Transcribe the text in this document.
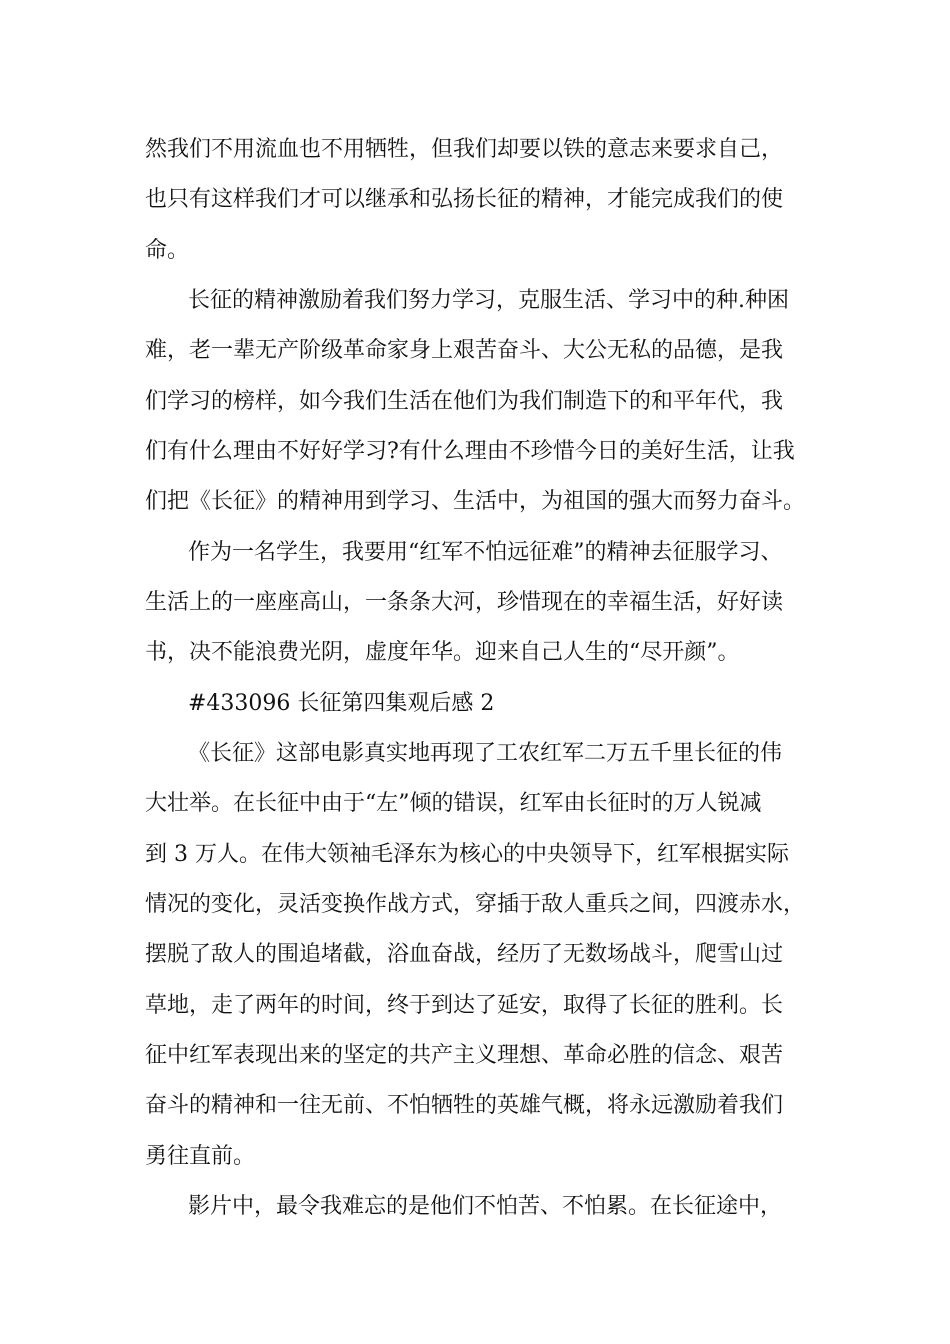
然我们不用流血也不用牺牲，但我们却要以铁的意志来要求自己，
也只有这样我们才可以继承和弘扬长征的精神，才能完成我们的使
命。
长征的精神激励着我们努力学习，克服生活、学习中的种.种困
难，老一辈无产阶级革命家身上艰苦奋斗、大公无私的品德，是我
们学习的榜样，如今我们生活在他们为我们制造下的和平年代，我
们有什么理由不好好学习?有什么理由不珍惜今日的美好生活，让我
们把《长征》的精神用到学习、生活中，为祖国的强大而努力奋斗。
作为一名学生，我要用“红军不怕远征难”的精神去征服学习、
生活上的一座座高山，一条条大河，珍惜现在的幸福生活，好好读
书，决不能浪费光阴，虚度年华。迎来自己人生的“尽开颜”。
#433096 长征第四集观后感 2
《长征》这部电影真实地再现了工农红军二万五千里长征的伟
大壮举。在长征中由于“左”倾的错误，红军由长征时的万人锐减
到 3 万人。在伟大领袖毛泽东为核心的中央领导下，红军根据实际
情况的变化，灵活变换作战方式，穿插于敌人重兵之间，四渡赤水，
摆脱了敌人的围追堵截，浴血奋战，经历了无数场战斗，爬雪山过
草地，走了两年的时间，终于到达了延安，取得了长征的胜利。长
征中红军表现出来的坚定的共产主义理想、革命必胜的信念、艰苦
奋斗的精神和一往无前、不怕牺牲的英雄气概，将永远激励着我们
勇往直前。
影片中，最令我难忘的是他们不怕苦、不怕累。在长征途中，
